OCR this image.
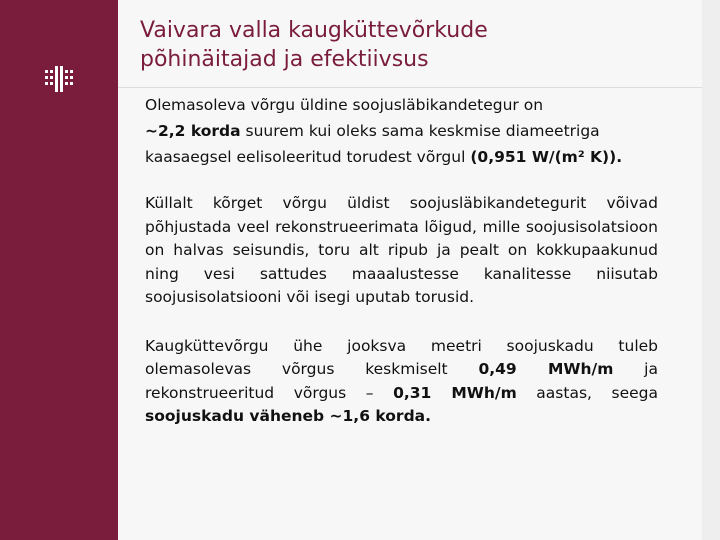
Vaivara valla kaugküttevõrkude
põhinäitajad ja efektiivsus

Olemasoleva võrgu üldine soojusläbikandetegur on
~2,2 korda suurem kui oleks sama keskmise diameetriga kaasaegsel eelisoleeritud torudest võrgul (0,951 W/(m² K)).

Küllalt kõrget võrgu üldist soojusläbikandetegurit võivad põhjustada veel rekonstrueerimata lõigud, mille soojusisolatsioon on halvas seisundis, toru alt ripub ja pealt on kokkupaakunud ning vesi sattudes maaalustesse kanalitesse niisutab soojusisolatsiooni või isegi uputab torusid.

Kaugküttevõrgu ühe jooksva meetri soojuskadu tuleb olemasolevas võrgus keskmiselt 0,49 MWh/m ja rekonstrueeritud võrgus – 0,31 MWh/m aastas, seega soojuskadu väheneb ~1,6 korda.
